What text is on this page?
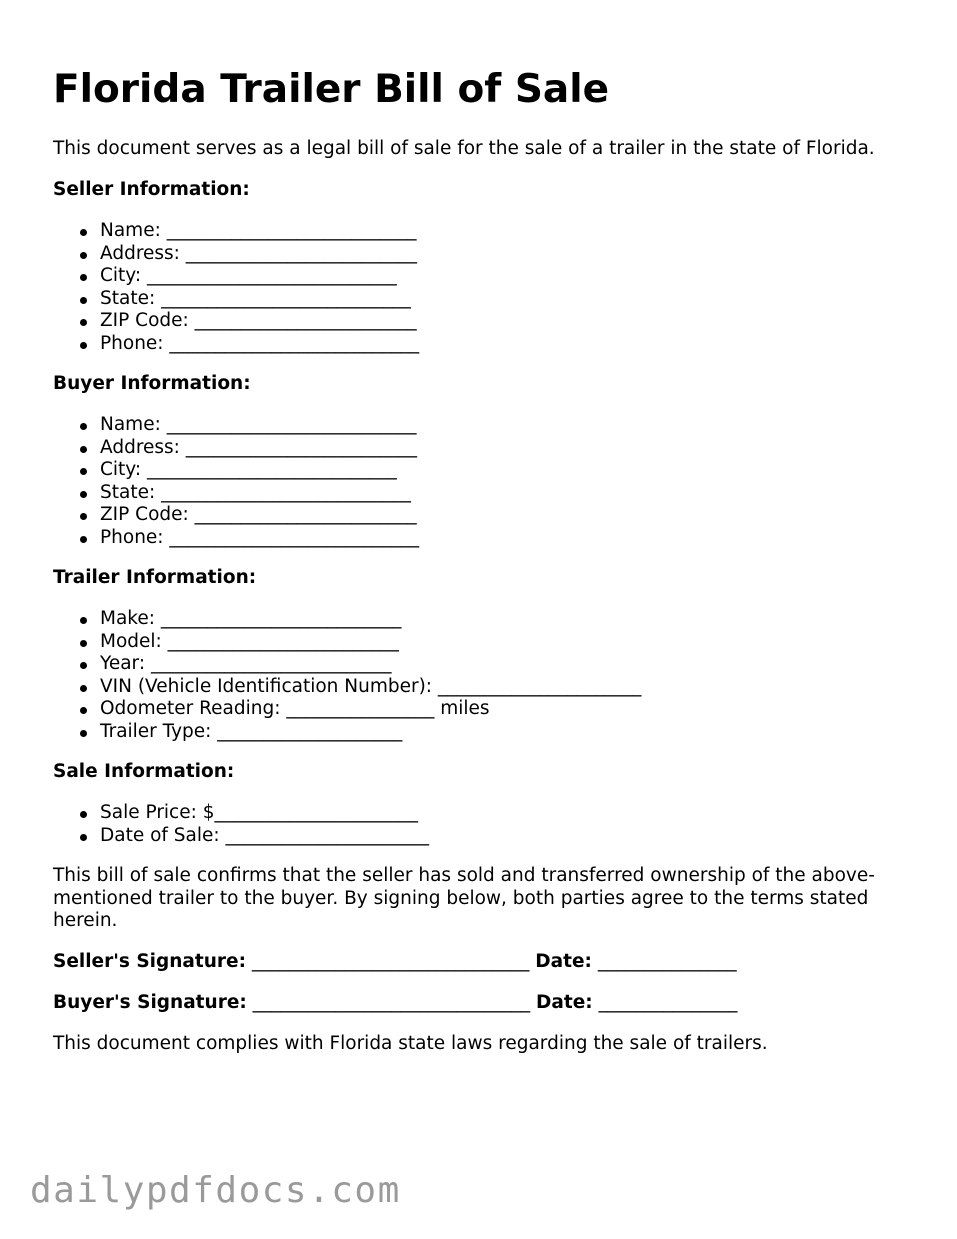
Florida Trailer Bill of Sale

This document serves as a legal bill of sale for the sale of a trailer in the state of Florida.

Seller Information:

Name: ___________________________
Address: _________________________
City: ___________________________
State: ___________________________
ZIP Code: ________________________
Phone: ___________________________

Buyer Information:

Name: ___________________________
Address: _________________________
City: ___________________________
State: ___________________________
ZIP Code: ________________________
Phone: ___________________________

Trailer Information:

Make: __________________________
Model: _________________________
Year: __________________________
VIN (Vehicle Identification Number): ______________________
Odometer Reading: ________________ miles
Trailer Type: ____________________

Sale Information:

Sale Price: $______________________
Date of Sale: ______________________

This bill of sale confirms that the seller has sold and transferred ownership of the above-mentioned trailer to the buyer. By signing below, both parties agree to the terms stated herein.

Seller's Signature: ______________________________ Date: _______________

Buyer's Signature: ______________________________ Date: _______________

This document complies with Florida state laws regarding the sale of trailers.

dailypdfdocs.com
